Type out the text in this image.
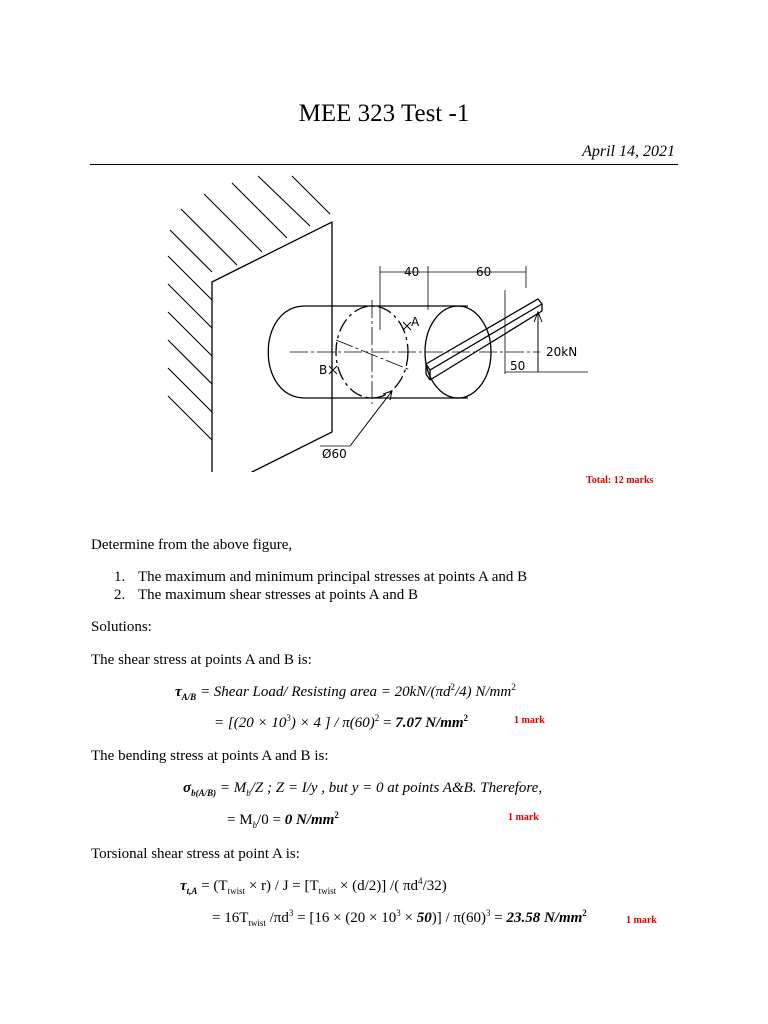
MEE 323 Test -1
April 14, 2021
A
B
40	60
50
20kN
Ø60
Total: 12 marks
Determine from the above figure,
1. The maximum and minimum principal stresses at points A and B
2. The maximum shear stresses at points A and B
Solutions:
The shear stress at points A and B is:
$\tau_{A/B}$ = Shear Load/ Resisting area = $20kN/(\pi d^2/4)$ $N/mm^2$
= [$(20 \times 10^3) \times 4$ ] / $\pi(60)^2 = 7.07$ $N/mm^2$	1 mark
The bending stress at points A and B is:
$\sigma_{b(A/B)} = M_b/Z$ ; Z = I/y , but y = 0 at points A&B. Therefore,
= $M_b/0 = 0$ $N/mm^2$	1 mark
Torsional shear stress at point A is:
$\tau_{t,A} = (T_{twist} \times r) / J = [T_{twist} \times (d/2)]$ /( $\pi d^4/32$)
= $16T_{twist}$ $/\pi d^3 = [16 \times (20 \times 10^3 \times 50)] / \pi(60)^3 = 23.58$ $N/mm^2$
1 mark
